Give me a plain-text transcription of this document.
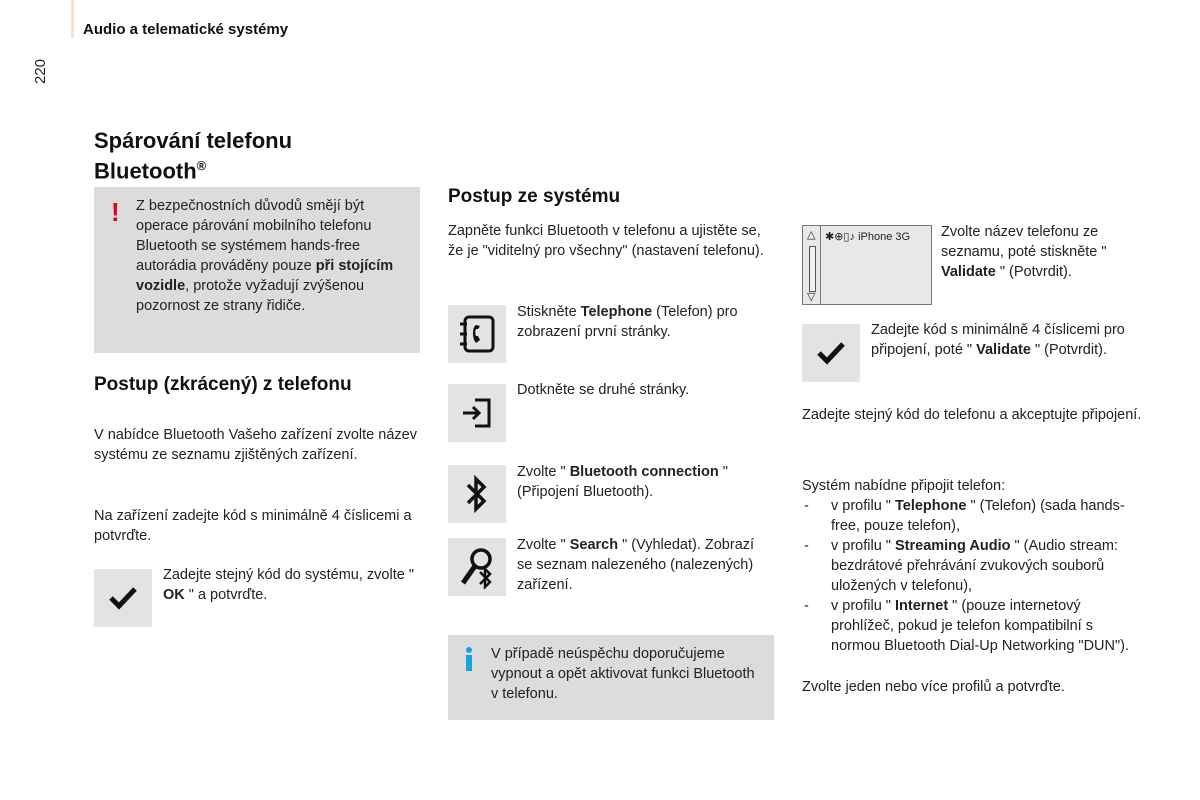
Audio a telematické systémy
220
Spárování telefonu
Bluetooth®
! Z bezpečnostních důvodů smějí být operace párování mobilního telefonu Bluetooth se systémem hands-free autorádia prováděny pouze při stojícím vozidle, protože vyžadují zvýšenou pozornost ze strany řidiče.
Postup (zkrácený) z telefonu
V nabídce Bluetooth Vašeho zařízení zvolte název systému ze seznamu zjištěných zařízení.
Na zařízení zadejte kód s minimálně 4 číslicemi a potvrďte.
Zadejte stejný kód do systému, zvolte " OK " a potvrďte.
Postup ze systému
Zapněte funkci Bluetooth v telefonu a ujistěte se, že je "viditelný pro všechny" (nastavení telefonu).
Stiskněte Telephone (Telefon) pro zobrazení první stránky.
Dotkněte se druhé stránky.
Zvolte " Bluetooth connection " (Připojení Bluetooth).
Zvolte " Search " (Vyhledat). Zobrazí se seznam nalezeného (nalezených) zařízení.
V případě neúspěchu doporučujeme vypnout a opět aktivovat funkci Bluetooth v telefonu.
△
▽
✱⊕▯♪ iPhone 3G Zvolte název telefonu ze seznamu, poté stiskněte " Validate " (Potvrdit).
Zadejte kód s minimálně 4 číslicemi pro připojení, poté " Validate " (Potvrdit).
Zadejte stejný kód do telefonu a akceptujte připojení.
Systém nabídne připojit telefon:
- v profilu " Telephone " (Telefon) (sada hands-free, pouze telefon),
- v profilu " Streaming Audio " (Audio stream: bezdrátové přehrávání zvukových souborů uložených v telefonu),
- v profilu " Internet " (pouze internetový prohlížeč, pokud je telefon kompatibilní s normou Bluetooth Dial-Up Networking "DUN").
Zvolte jeden nebo více profilů a potvrďte.
